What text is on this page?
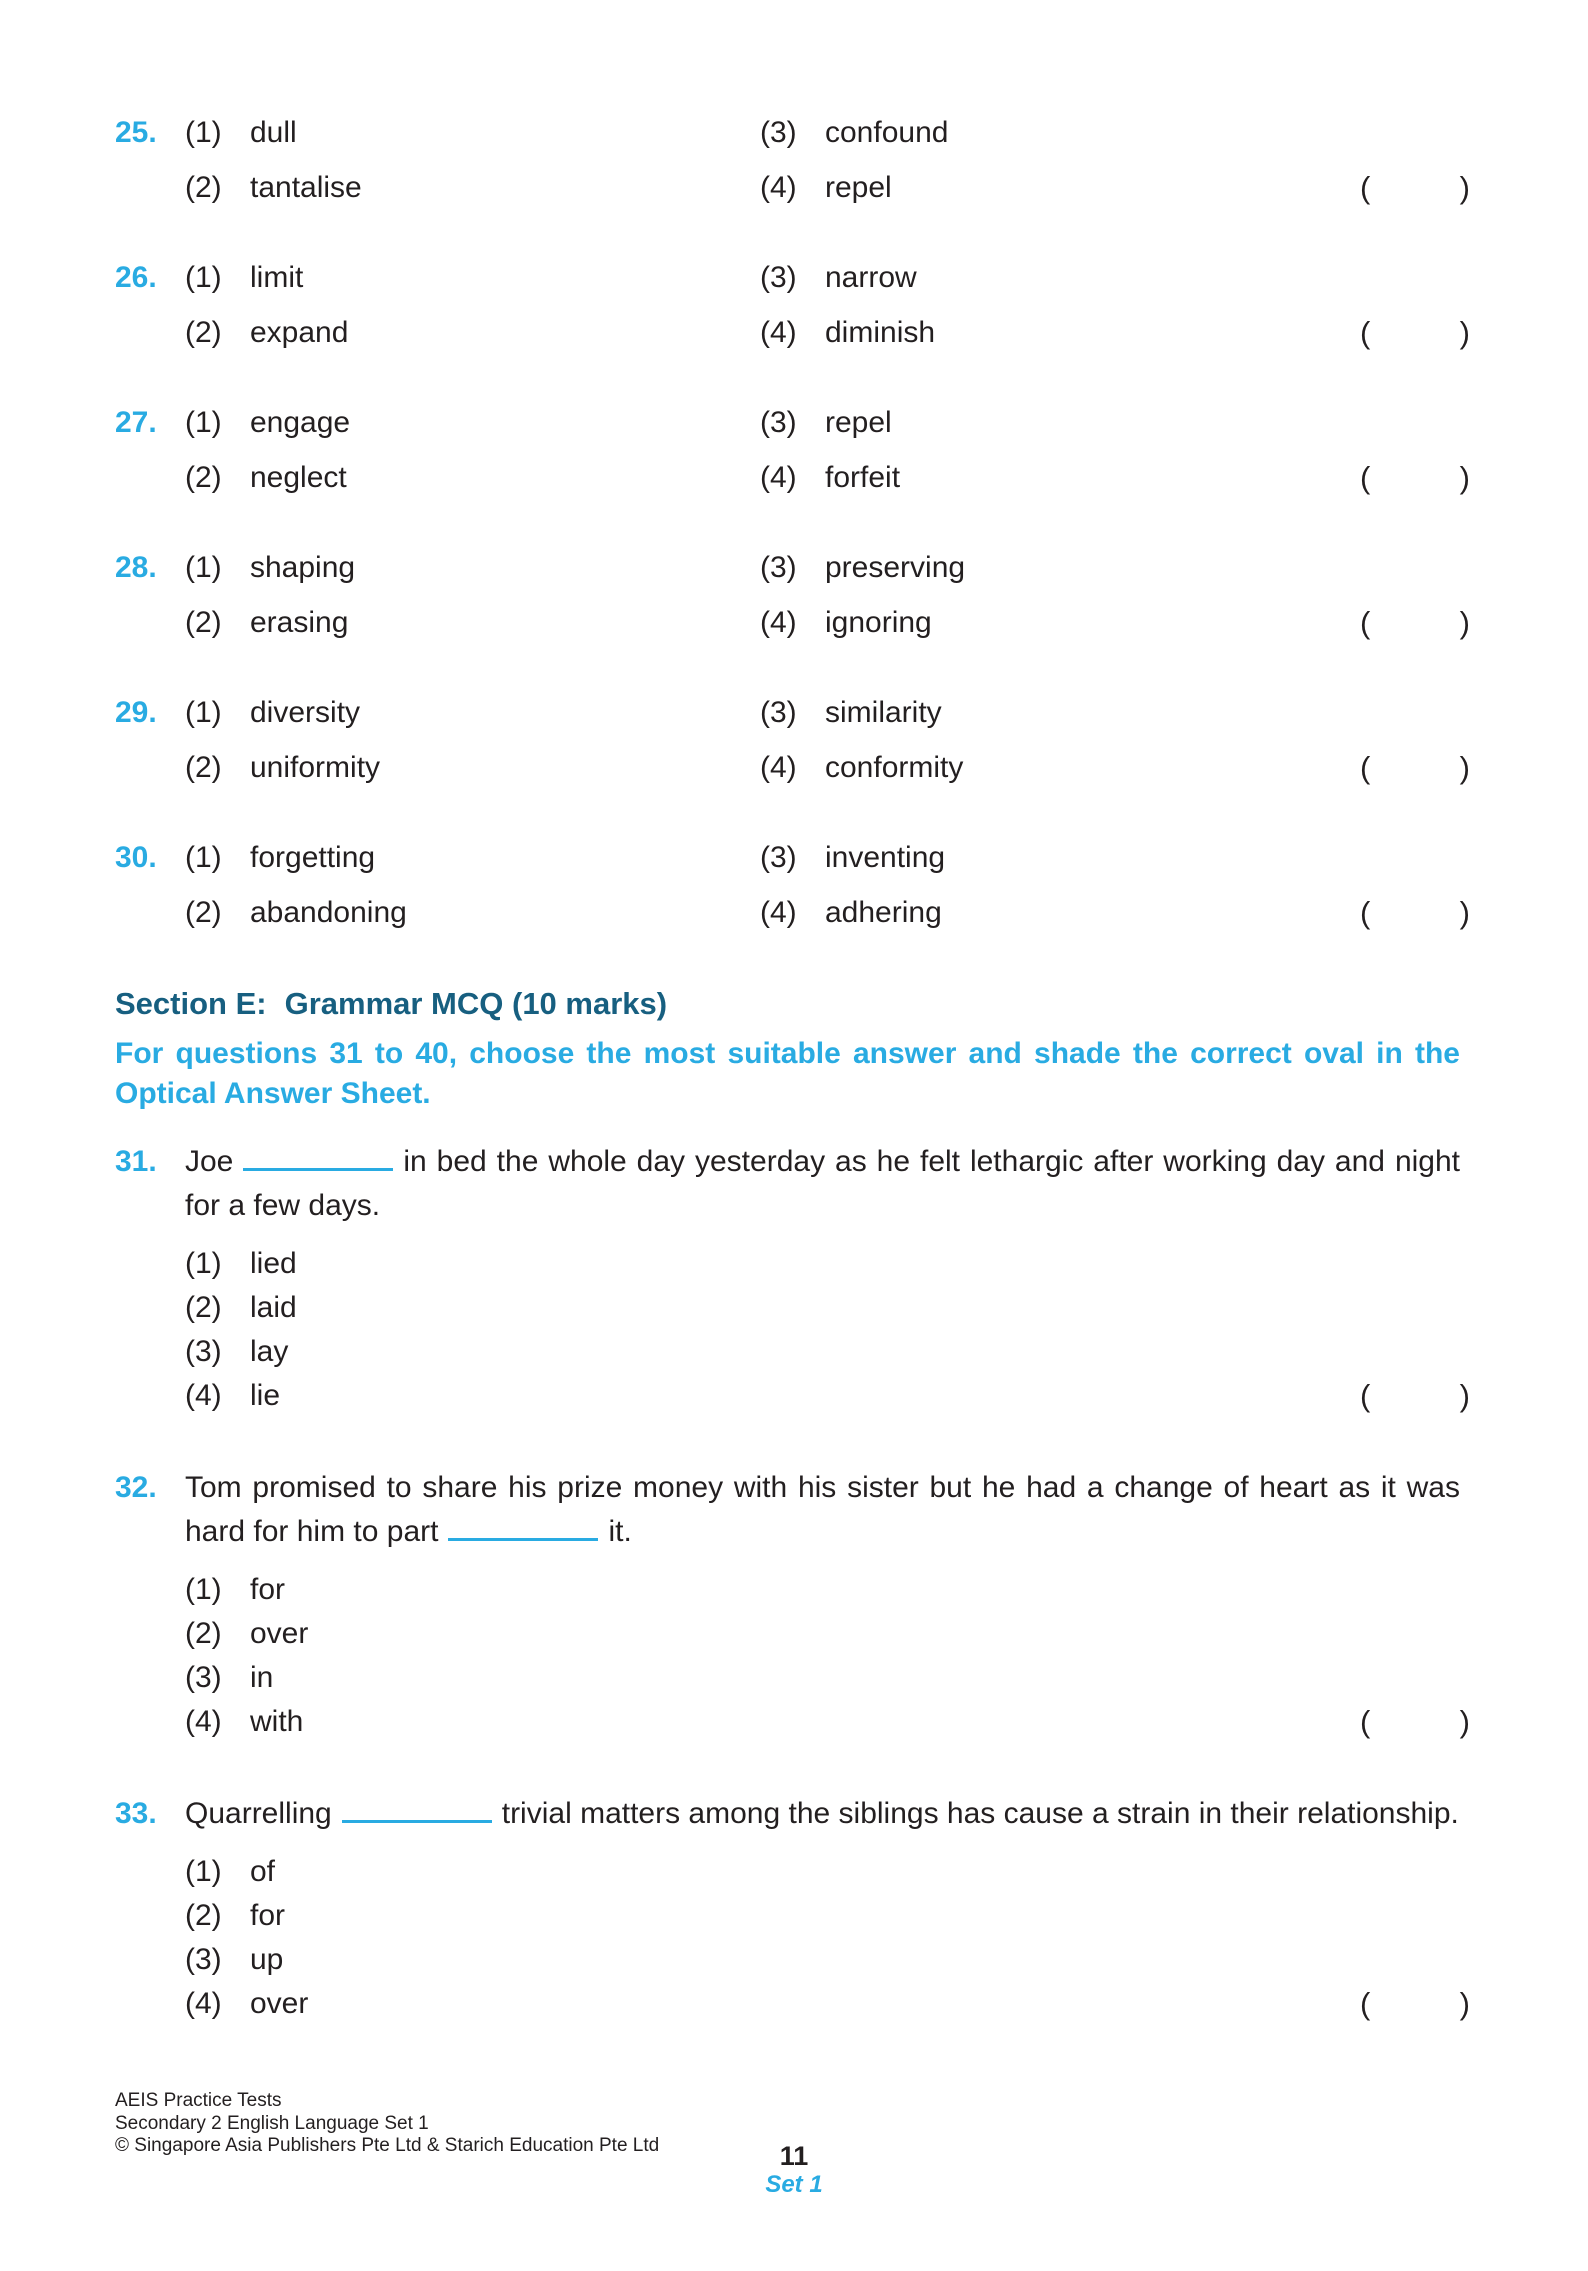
25. (1) dull	(3) confound
(2) tantalise	(4) repel	(	)
26. (1) limit	(3) narrow
(2) expand	(4) diminish	(	)
27. (1) engage	(3) repel
(2) neglect	(4) forfeit	(	)
28. (1) shaping	(3) preserving
(2) erasing	(4) ignoring	(	)
29. (1) diversity	(3) similarity
(2) uniformity	(4) conformity	(	)
30. (1) forgetting	(3) inventing
(2) abandoning	(4) adhering	(	)
Section E: Grammar MCQ (10 marks)
For questions 31 to 40, choose the most suitable answer and shade the correct oval in the Optical Answer Sheet.
31. Joe	in bed the whole day yesterday as he felt lethargic after working day and night for a few days.

(1) lied
(2) laid
(3) lay
(4) lie	(	)
32. Tom promised to share his prize money with his sister but he had a change of heart as it was hard for him to part	it.

(1) for
(2) over
(3) in
(4) with	(	)
33. Quarrelling	trivial matters among the siblings has cause a strain in their relationship.

(1) of
(2) for
(3) up
(4) over	(	)
AEIS Practice Tests
Secondary 2 English Language Set 1
© Singapore Asia Publishers Pte Ltd & Starich Education Pte Ltd	11
Set 1
